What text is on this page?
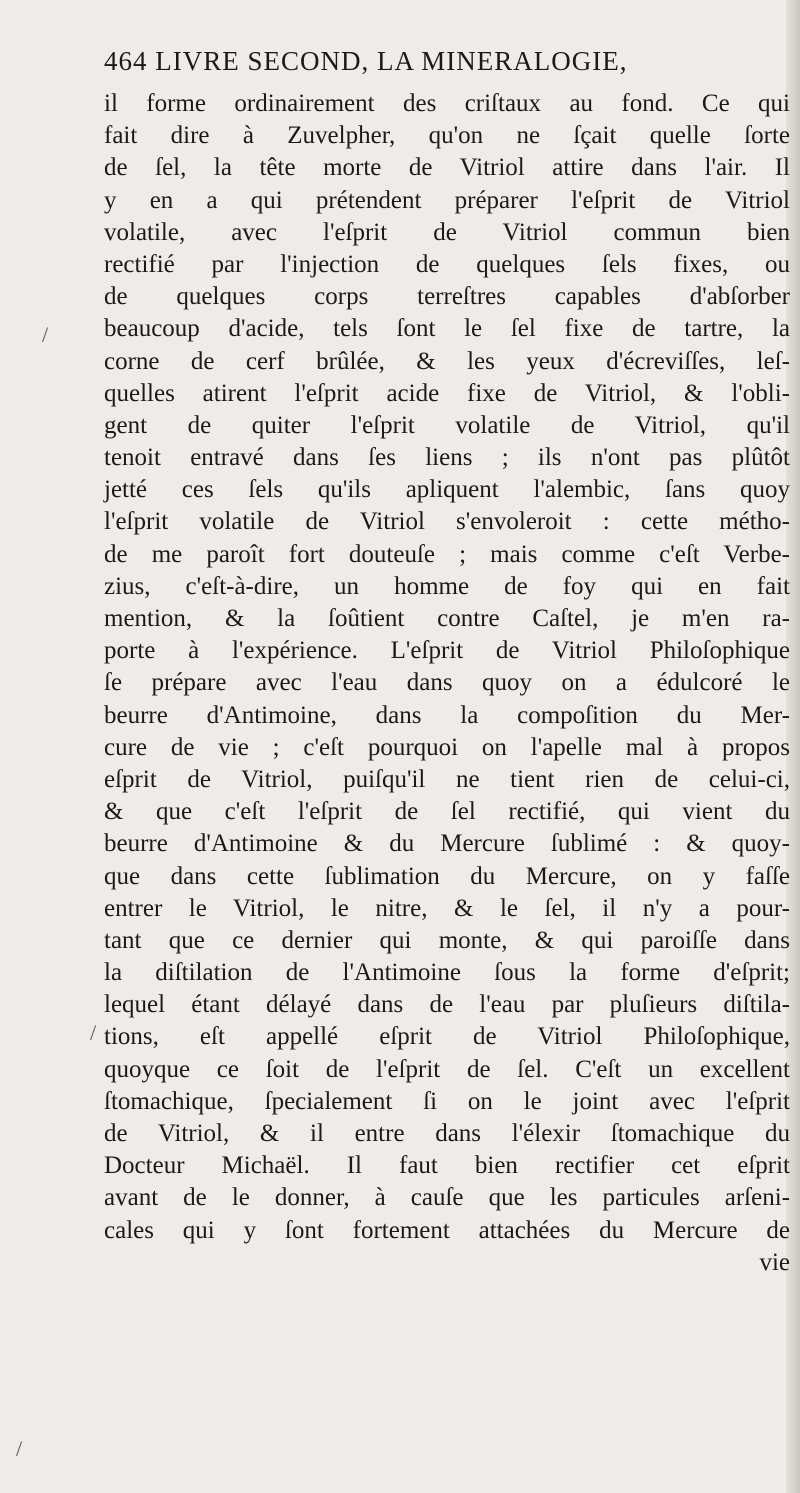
464 LIVRE SECOND, LA MINERALOGIE,
il forme ordinairement des criſtaux au fond. Ce qui
fait dire à Zuvelpher, qu'on ne ſçait quelle ſorte
de ſel, la tête morte de Vitriol attire dans l'air. Il
y en a qui prétendent préparer l'eſprit de Vitriol
volatile, avec l'eſprit de Vitriol commun bien
rectifié par l'injection de quelques ſels fixes, ou
de quelques corps terreſtres capables d'abſorber
beaucoup d'acide, tels ſont le ſel fixe de tartre, la
corne de cerf brûlée, & les yeux d'écreviſſes, leſ-
quelles atirent l'eſprit acide fixe de Vitriol, & l'obli-
gent de quiter l'eſprit volatile de Vitriol, qu'il
tenoit entravé dans ſes liens ; ils n'ont pas plûtôt
jetté ces ſels qu'ils apliquent l'alembic, ſans quoy
l'eſprit volatile de Vitriol s'envoleroit : cette métho-
de me paroît fort douteuſe ; mais comme c'eſt Verbe-
zius, c'eſt-à-dire, un homme de foy qui en fait
mention, & la ſoûtient contre Caſtel, je m'en ra-
porte à l'expérience. L'eſprit de Vitriol Philoſophique
ſe prépare avec l'eau dans quoy on a édulcoré le
beurre d'Antimoine, dans la compoſition du Mer-
cure de vie ; c'eſt pourquoi on l'apelle mal à propos
eſprit de Vitriol, puiſqu'il ne tient rien de celui-ci,
& que c'eſt l'eſprit de ſel rectifié, qui vient du
beurre d'Antimoine & du Mercure ſublimé : & quoy-
que dans cette ſublimation du Mercure, on y faſſe
entrer le Vitriol, le nitre, & le ſel, il n'y a pour-
tant que ce dernier qui monte, & qui paroiſſe dans
la diſtilation de l'Antimoine ſous la forme d'eſprit;
lequel étant délayé dans de l'eau par pluſieurs diſtila-
tions, eſt appellé eſprit de Vitriol Philoſophique,
quoyque ce ſoit de l'eſprit de ſel. C'eſt un excellent
ſtomachique, ſpecialement ſi on le joint avec l'eſprit
de Vitriol, & il entre dans l'élexir ſtomachique du
Docteur Michaël. Il faut bien rectifier cet eſprit
avant de le donner, à cauſe que les particules arſeni-
cales qui y ſont fortement attachées du Mercure de
vie
/
/
/
